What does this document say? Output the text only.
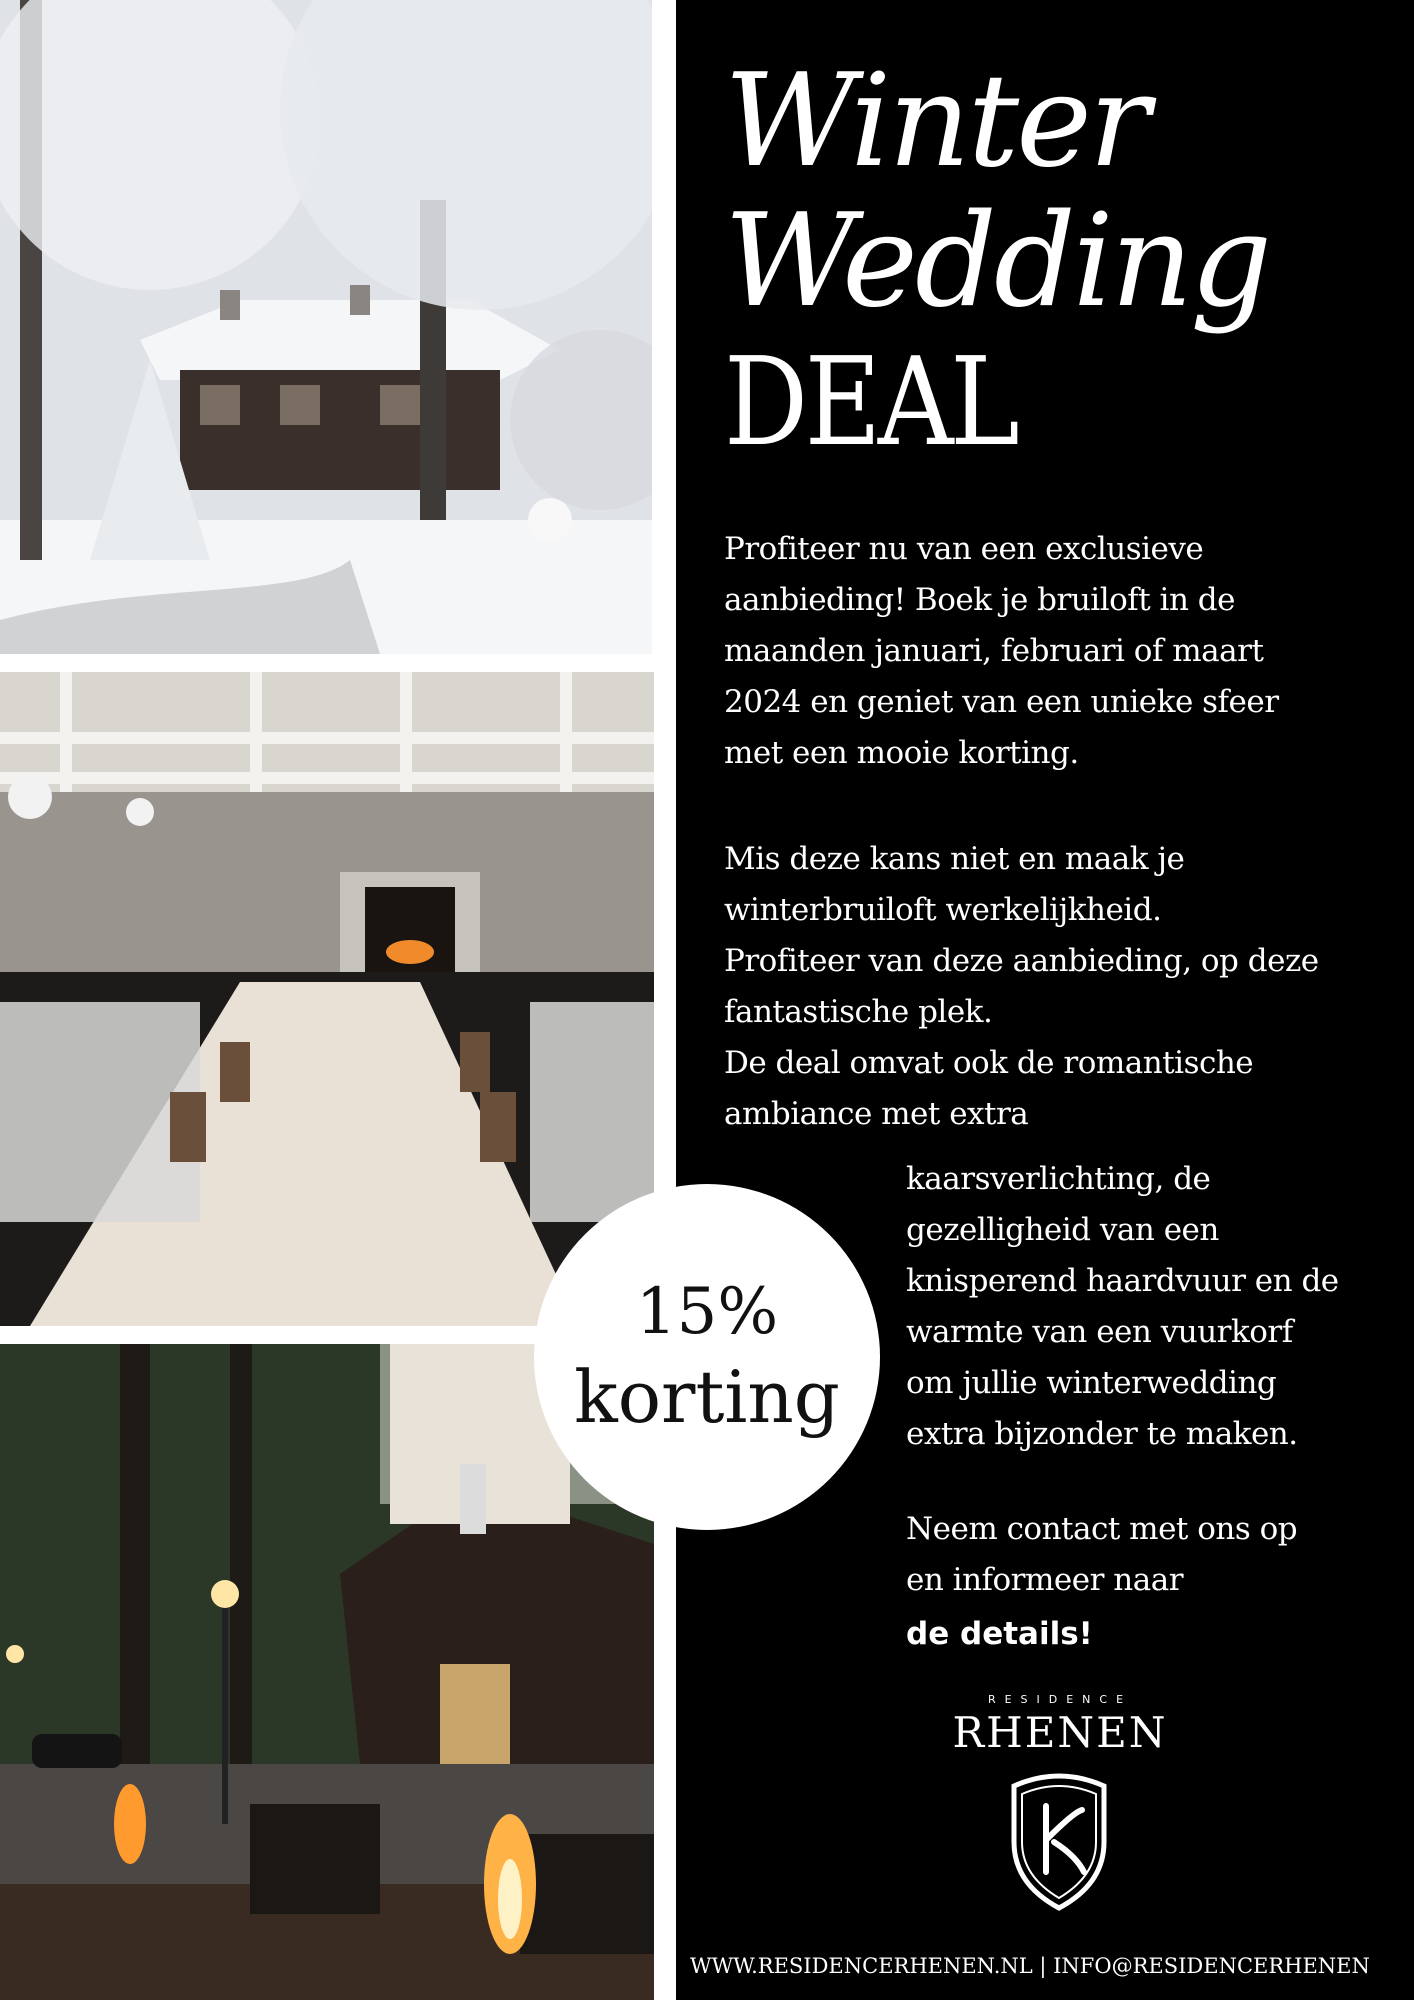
Winter
Wedding
DEAL
Profiteer nu van een exclusieve
aanbieding! Boek je bruiloft in de
maanden januari, februari of maart
2024 en geniet van een unieke sfeer
met een mooie korting.
Mis deze kans niet en maak je
winterbruiloft werkelijkheid.
Profiteer van deze aanbieding, op deze
fantastische plek.
De deal omvat ook de romantische
ambiance met extra
kaarsverlichting, de
gezelligheid van een
knisperend haardvuur en de
warmte van een vuurkorf
om jullie winterwedding
extra bijzonder te maken.
Neem contact met ons op
en informeer naar
de details!
15%
korting
RESIDENCE
RHENEN
WWW.RESIDENCERHENEN.NL | INFO@RESIDENCERHENEN
